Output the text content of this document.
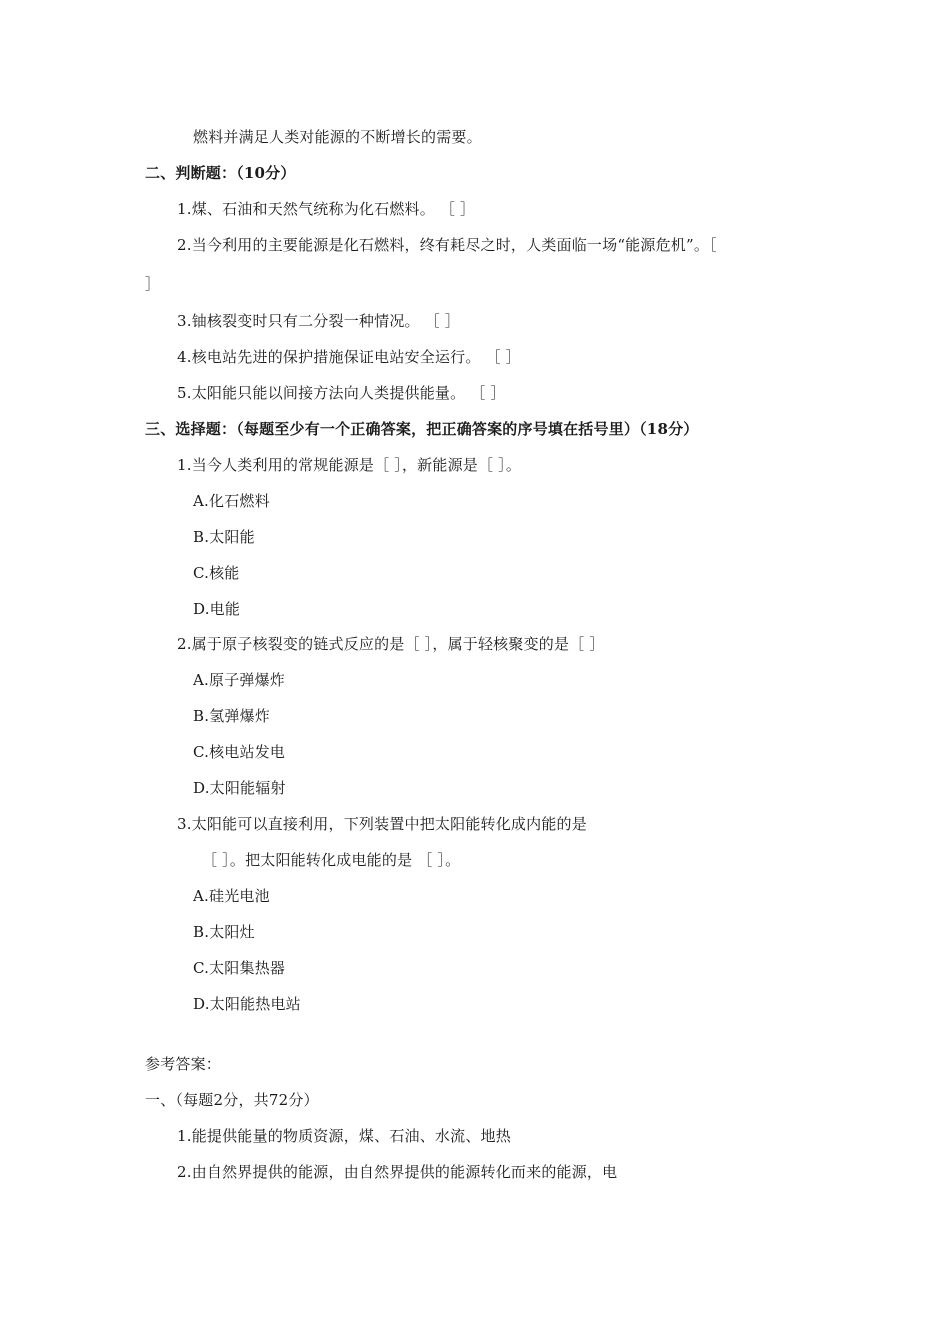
燃料并满足人类对能源的不断增长的需要。
二、判断题：（10分）
1.煤、石油和天然气统称为化石燃料。 ［ ］
2.当今利用的主要能源是化石燃料，终有耗尽之时，人类面临一场“能源危机”。［
］
3.铀核裂变时只有二分裂一种情况。 ［ ］
4.核电站先进的保护措施保证电站安全运行。 ［ ］
5.太阳能只能以间接方法向人类提供能量。 ［ ］
三、选择题：（每题至少有一个正确答案，把正确答案的序号填在括号里）（18分）
1.当今人类利用的常规能源是［ ］，新能源是［ ］。
A.化石燃料
B.太阳能
C.核能
D.电能
2.属于原子核裂变的链式反应的是［ ］，属于轻核聚变的是［ ］
A.原子弹爆炸
B.氢弹爆炸
C.核电站发电
D.太阳能辐射
3.太阳能可以直接利用，下列装置中把太阳能转化成内能的是
［ ］。把太阳能转化成电能的是 ［ ］。
A.硅光电池
B.太阳灶
C.太阳集热器
D.太阳能热电站
参考答案：
一、（每题2分，共72分）
1.能提供能量的物质资源，煤、石油、水流、地热
2.由自然界提供的能源，由自然界提供的能源转化而来的能源，电
